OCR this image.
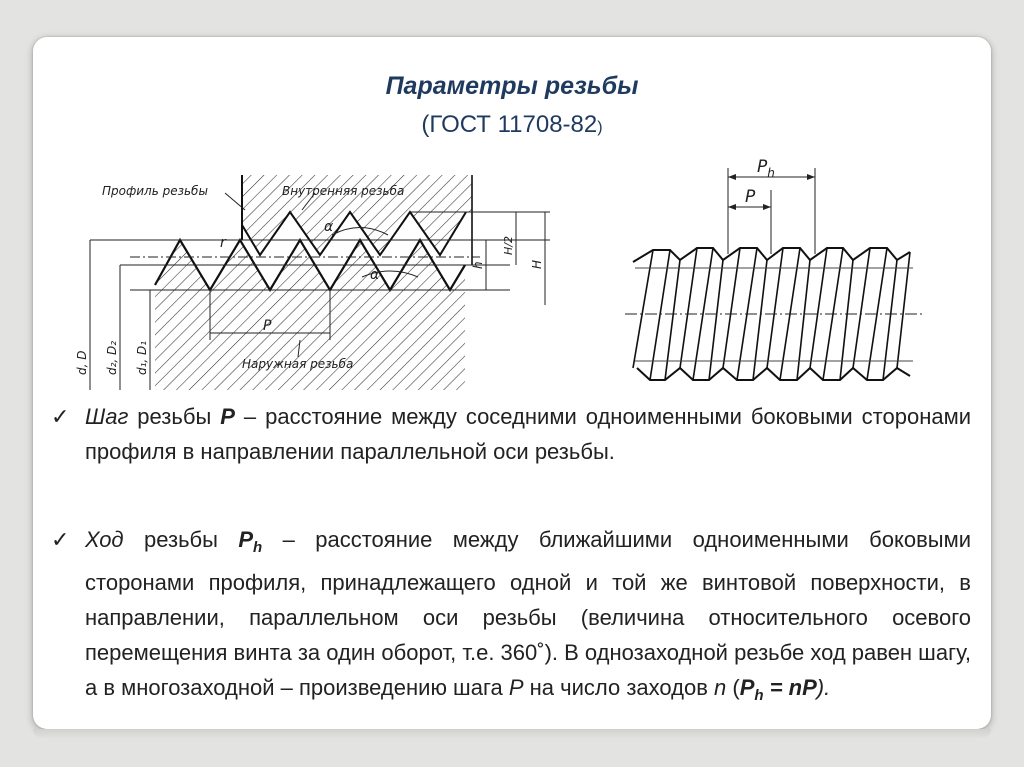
Параметры резьбы
(ГОСТ 11708-82)
Профиль резьбы	Внутренняя резьба
Наружная резьба
r
α
α
P
H/2
h	H
d, D d₂, D₂ d₁, D₁
$P_h$
P
✓ Шаг резьбы P – расстояние между соседними одноименными боковыми сторонами профиля в направлении параллельной оси резьбы.
✓ Ход резьбы $P_h$ – расстояние между ближайшими одноименными боковыми сторонами профиля, принадлежащего одной и той же винтовой поверхности, в направлении, параллельном оси резьбы (величина относительного осевого перемещения винта за один оборот, т.е. 360˚). В однозаходной резьбе ход равен шагу, а в многозаходной – произведению шага P на число заходов n $(P_h = nP)$.
